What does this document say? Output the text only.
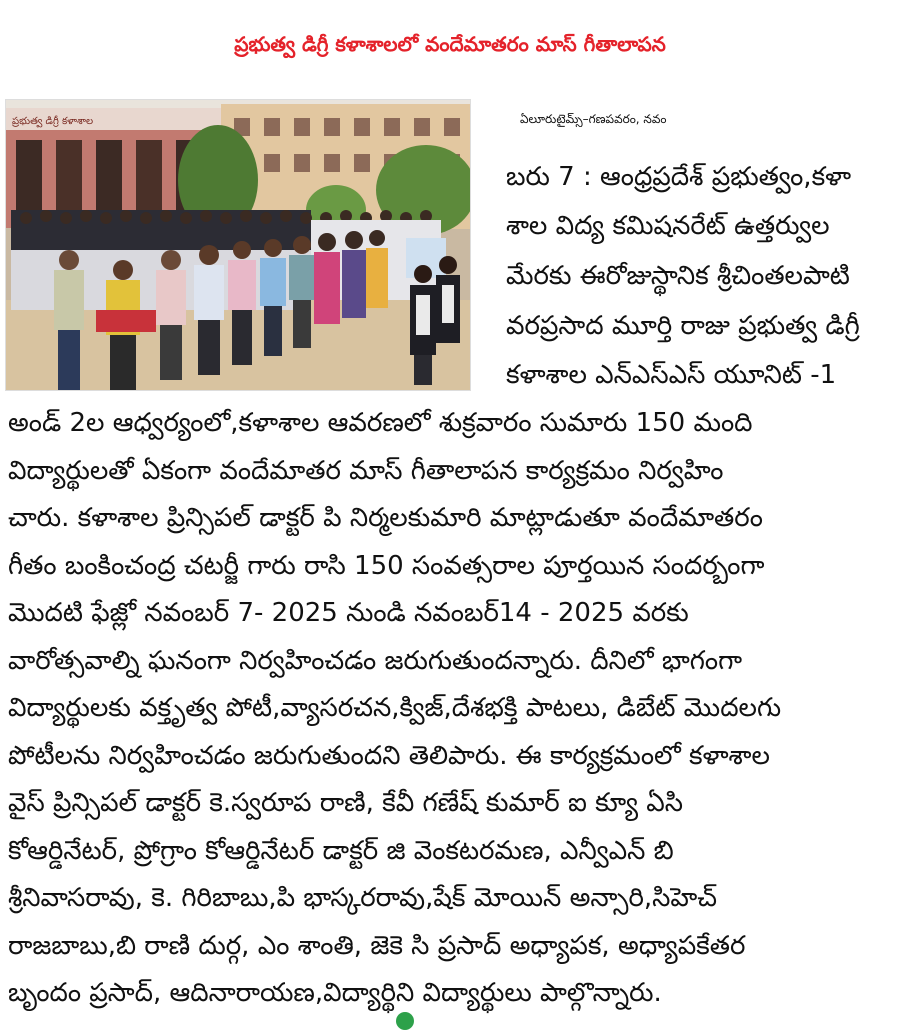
ప్రభుత్వ డిగ్రీ కళాశాలలో వందేమాతరం మాస్ గీతాలాపన
ప్రభుత్వ డిగ్రీ కళాశాల	ఏలూరుటైమ్స్–గణపవరం, నవం
బరు 7 : ఆంధ్రప్రదేశ్ ప్రభుత్వం,కళా
శాల విద్య కమిషనరేట్ ఉత్తర్వుల
మేరకు ఈరోజుస్థానిక శ్రీచింతలపాటి
వరప్రసాద మూర్తి రాజు ప్రభుత్వ డిగ్రీ
కళాశాల ఎన్ఎస్ఎస్ యూనిట్ -1
అండ్ 2ల ఆధ్వర్యంలో,కళాశాల ఆవరణలో శుక్రవారం సుమారు 150 మంది
విద్యార్థులతో ఏకంగా వందేమాతర మాస్ గీతాలాపన కార్యక్రమం నిర్వహిం
చారు. కళాశాల ప్రిన్సిపల్ డాక్టర్ పి నిర్మలకుమారి మాట్లాడుతూ వందేమాతరం
గీతం బంకించంద్ర చటర్జీ గారు రాసి 150 సంవత్సరాల పూర్తయిన సందర్బంగా
మొదటి ఫేజ్లో నవంబర్ 7- 2025 నుండి నవంబర్14 - 2025 వరకు
వారోత్సవాల్ని ఘనంగా నిర్వహించడం జరుగుతుందన్నారు. దీనిలో భాగంగా
విద్యార్థులకు వక్తృత్వ పోటీ,వ్యాసరచన,క్విజ్,దేశభక్తి పాటలు, డిబేట్ మొదలగు
పోటీలను నిర్వహించడం జరుగుతుందని తెలిపారు. ఈ కార్యక్రమంలో కళాశాల
వైస్ ప్రిన్సిపల్ డాక్టర్ కె.స్వరూప రాణి, కేవీ గణేష్ కుమార్ ఐ క్యూ ఏసి
కోఆర్డినేటర్, ప్రోగ్రాం కోఆర్డినేటర్ డాక్టర్ జి వెంకటరమణ, ఎన్వీఎన్ బి
శ్రీనివాసరావు, కె. గిరిబాబు,పి భాస్కరరావు,షేక్ మోయిన్ అన్సారి,సిహెచ్
రాజబాబు,బి రాణి దుర్గ, ఎం శాంతి, జెకె సి ప్రసాద్ అధ్యాపక, అధ్యాపకేతర
బృందం ప్రసాద్, ఆదినారాయణ,విద్యార్థిని విద్యార్థులు పాల్గొన్నారు.
